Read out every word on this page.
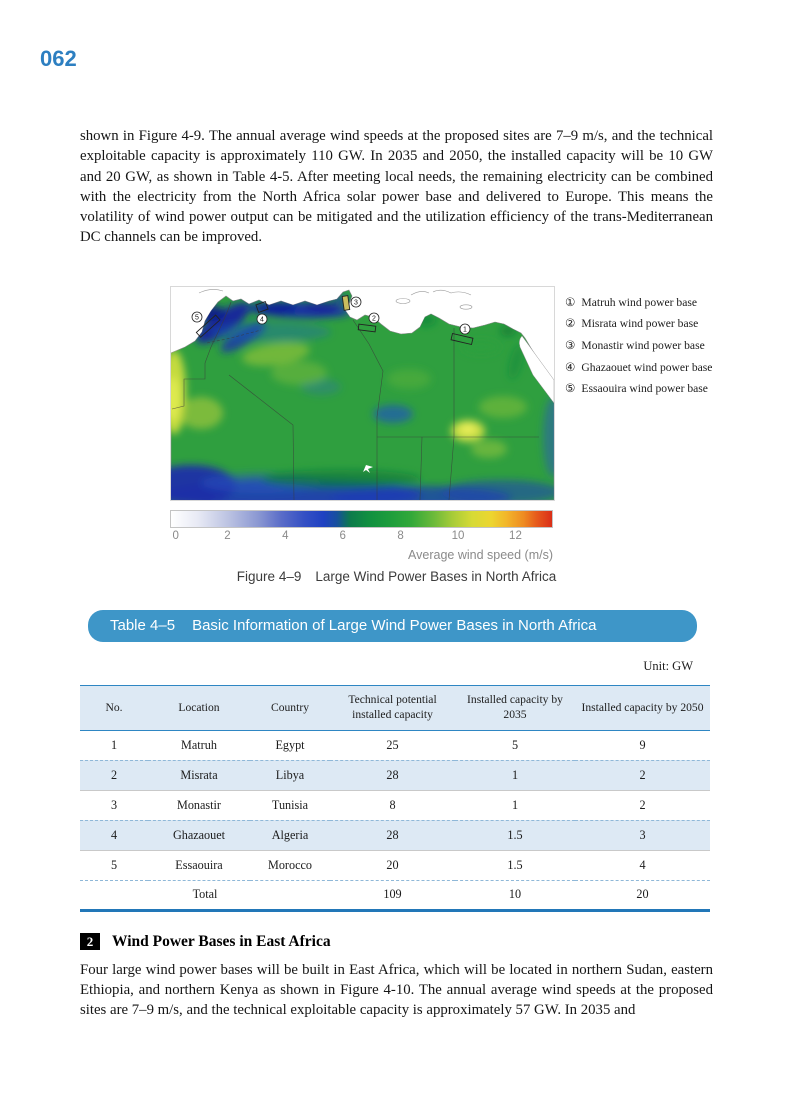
062

shown in Figure 4-9. The annual average wind speeds at the proposed sites are 7–9 m/s, and the technical exploitable capacity is approximately 110 GW. In 2035 and 2050, the installed capacity will be 10 GW and 20 GW, as shown in Table 4-5. After meeting local needs, the remaining electricity can be combined with the electricity from the North Africa solar power base and delivered to Europe. This means the volatility of wind power output can be mitigated and the utilization efficiency of the trans-Mediterranean DC channels can be improved.

1
2
3
4
5
① Matruh wind power base
② Misrata wind power base
③ Monastir wind power base
④ Ghazaouet wind power base
⑤ Essaouira wind power base
0	2	4	6	8	10	12
Average wind speed (m/s)
Figure 4–9 Large Wind Power Bases in North Africa
Table 4–5 Basic Information of Large Wind Power Bases in North Africa
Unit: GW
No.	Location	Country	Technical potential installed capacity	Installed capacity by 2035	Installed capacity by 2050
1	Matruh	Egypt	25	5	9
2	Misrata	Libya	28	1	2
3	Monastir	Tunisia	8	1	2
4	Ghazaouet	Algeria	28	1.5	3
5	Essaouira	Morocco	20	1.5	4
Total			109	10	20
2	Wind Power Bases in East Africa

Four large wind power bases will be built in East Africa, which will be located in northern Sudan, eastern Ethiopia, and northern Kenya as shown in Figure 4-10. The annual average wind speeds at the proposed sites are 7–9 m/s, and the technical exploitable capacity is approximately 57 GW. In 2035 and
